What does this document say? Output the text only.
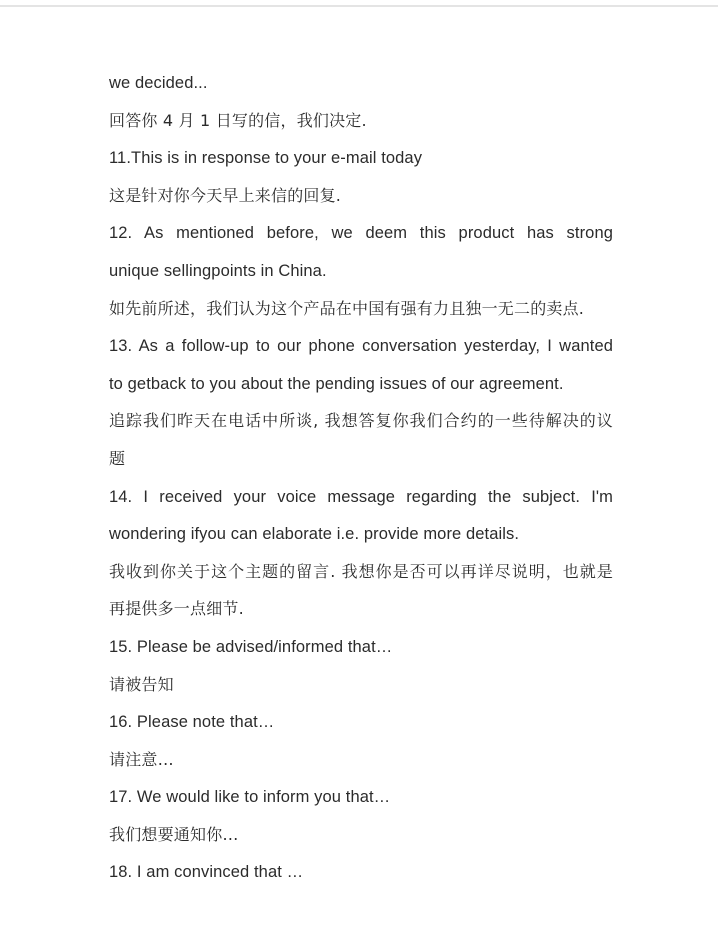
we decided...
回答你 4 月 1 日写的信，我们决定.
11.This is in response to your e-mail today
这是针对你今天早上来信的回复.
12. As mentioned before, we deem this product has strong
unique sellingpoints in China.
如先前所述，我们认为这个产品在中国有强有力且独一无二的卖点.
13. As a follow-up to our phone conversation yesterday, I wanted
to getback to you about the pending issues of our agreement.
追踪我们昨天在电话中所谈, 我想答复你我们合约的一些待解决的议
题
14. I received your voice message regarding the subject. I'm
wondering ifyou can elaborate i.e. provide more details.
我收到你关于这个主题的留言. 我想你是否可以再详尽说明，也就是
再提供多一点细节.
15. Please be advised/informed that…
请被告知
16. Please note that…
请注意…
17. We would like to inform you that…
我们想要通知你…
18. I am convinced that …
